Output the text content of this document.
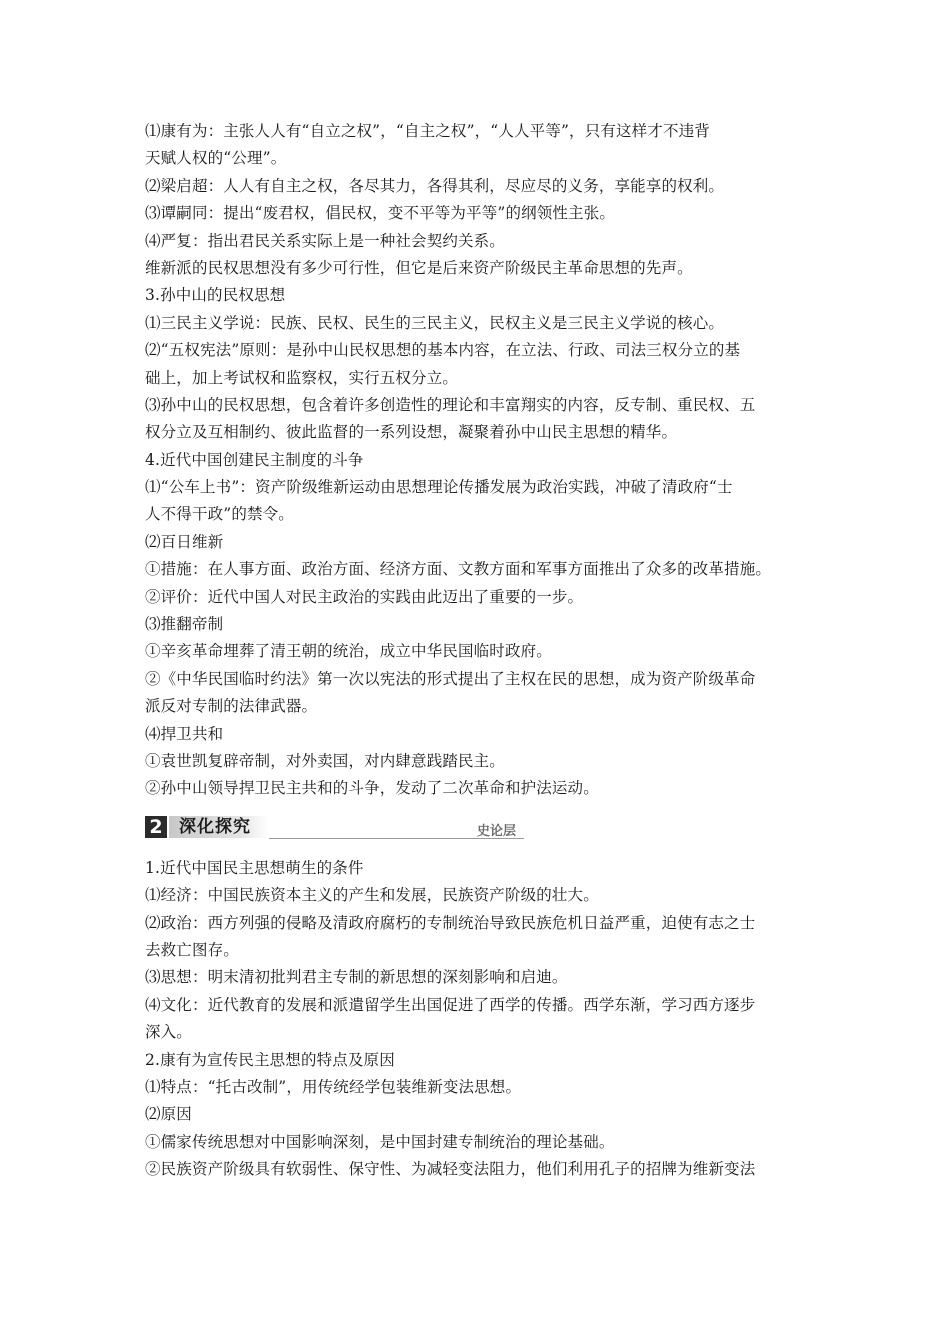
⑴康有为：主张人人有“自立之权”，“自主之权”，“人人平等”，只有这样才不违背
天赋人权的“公理”。
⑵梁启超：人人有自主之权，各尽其力，各得其利，尽应尽的义务，享能享的权利。
⑶谭嗣同：提出“废君权，倡民权，变不平等为平等”的纲领性主张。
⑷严复：指出君民关系实际上是一种社会契约关系。
维新派的民权思想没有多少可行性，但它是后来资产阶级民主革命思想的先声。
3.孙中山的民权思想
⑴三民主义学说：民族、民权、民生的三民主义，民权主义是三民主义学说的核心。
⑵“五权宪法”原则：是孙中山民权思想的基本内容，在立法、行政、司法三权分立的基
础上，加上考试权和监察权，实行五权分立。
⑶孙中山的民权思想，包含着许多创造性的理论和丰富翔实的内容，反专制、重民权、五
权分立及互相制约、彼此监督的一系列设想，凝聚着孙中山民主思想的精华。
4.近代中国创建民主制度的斗争
⑴“公车上书”：资产阶级维新运动由思想理论传播发展为政治实践，冲破了清政府“士
人不得干政”的禁令。
⑵百日维新
①措施：在人事方面、政治方面、经济方面、文教方面和军事方面推出了众多的改革措施。
②评价：近代中国人对民主政治的实践由此迈出了重要的一步。
⑶推翻帝制
①辛亥革命埋葬了清王朝的统治，成立中华民国临时政府。
②《中华民国临时约法》第一次以宪法的形式提出了主权在民的思想，成为资产阶级革命
派反对专制的法律武器。
⑷捍卫共和
①袁世凯复辟帝制，对外卖国，对内肆意践踏民主。
②孙中山领导捍卫民主共和的斗争，发动了二次革命和护法运动。
2 深化探究	史论层
1.近代中国民主思想萌生的条件
⑴经济：中国民族资本主义的产生和发展，民族资产阶级的壮大。
⑵政治：西方列强的侵略及清政府腐朽的专制统治导致民族危机日益严重，迫使有志之士
去救亡图存。
⑶思想：明末清初批判君主专制的新思想的深刻影响和启迪。
⑷文化：近代教育的发展和派遣留学生出国促进了西学的传播。西学东渐，学习西方逐步
深入。
2.康有为宣传民主思想的特点及原因
⑴特点：“托古改制”，用传统经学包装维新变法思想。
⑵原因
①儒家传统思想对中国影响深刻，是中国封建专制统治的理论基础。
②民族资产阶级具有软弱性、保守性、为减轻变法阻力，他们利用孔子的招牌为维新变法
